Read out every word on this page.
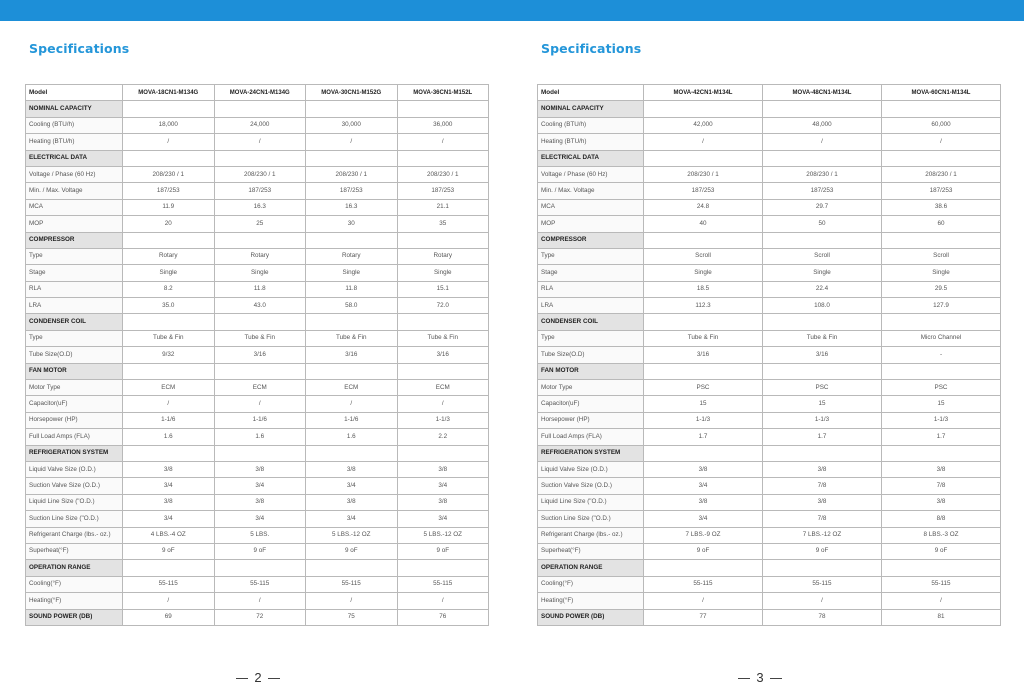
Specifications
Model	MOVA-18CN1-M134G	MOVA-24CN1-M134G	MOVA-30CN1-M152G	MOVA-36CN1-M152L
NOMINAL CAPACITY				
Cooling (BTU/h)	18,000	24,000	30,000	36,000
Heating (BTU/h)	/	/	/	/
ELECTRICAL DATA				
Voltage / Phase (60 Hz)	208/230 / 1	208/230 / 1	208/230 / 1	208/230 / 1
Min. / Max. Voltage	187/253	187/253	187/253	187/253
MCA	11.9	16.3	16.3	21.1
MOP	20	25	30	35
COMPRESSOR				
Type	Rotary	Rotary	Rotary	Rotary
Stage	Single	Single	Single	Single
RLA	8.2	11.8	11.8	15.1
LRA	35.0	43.0	58.0	72.0
CONDENSER COIL				
Type	Tube & Fin	Tube & Fin	Tube & Fin	Tube & Fin
Tube Size(O.D)	9/32	3/16	3/16	3/16
FAN MOTOR				
Motor Type	ECM	ECM	ECM	ECM
Capacitor(uF)	/	/	/	/
Horsepower (HP)	1-1/6	1-1/6	1-1/6	1-1/3
Full Load Amps (FLA)	1.6	1.6	1.6	2.2
REFRIGERATION SYSTEM				
Liquid Valve Size (O.D.)	3/8	3/8	3/8	3/8
Suction Valve Size (O.D.)	3/4	3/4	3/4	3/4
Liquid Line Size ("O.D.)	3/8	3/8	3/8	3/8
Suction Line Size ("O.D.)	3/4	3/4	3/4	3/4
Refrigerant Charge (lbs.- oz.)	4 LBS.-4 OZ	5 LBS.	5 LBS.-12 OZ	5 LBS.-12 OZ
Superheat(°F)	9 oF	9 oF	9 oF	9 oF
OPERATION RANGE				
Cooling(°F)	55-115	55-115	55-115	55-115
Heating(°F)	/	/	/	/
SOUND POWER (DB)	69	72	75	76
2
Specifications
Model	MOVA-42CN1-M134L	MOVA-48CN1-M134L	MOVA-60CN1-M134L
NOMINAL CAPACITY			
Cooling (BTU/h)	42,000	48,000	60,000
Heating (BTU/h)	/	/	/
ELECTRICAL DATA			
Voltage / Phase (60 Hz)	208/230 / 1	208/230 / 1	208/230 / 1
Min. / Max. Voltage	187/253	187/253	187/253
MCA	24.8	29.7	38.6
MOP	40	50	60
COMPRESSOR			
Type	Scroll	Scroll	Scroll
Stage	Single	Single	Single
RLA	18.5	22.4	29.5
LRA	112.3	108.0	127.9
CONDENSER COIL			
Type	Tube & Fin	Tube & Fin	Micro Channel
Tube Size(O.D)	3/16	3/16	-
FAN MOTOR			
Motor Type	PSC	PSC	PSC
Capacitor(uF)	15	15	15
Horsepower (HP)	1-1/3	1-1/3	1-1/3
Full Load Amps (FLA)	1.7	1.7	1.7
REFRIGERATION SYSTEM			
Liquid Valve Size (O.D.)	3/8	3/8	3/8
Suction Valve Size (O.D.)	3/4	7/8	7/8
Liquid Line Size ("O.D.)	3/8	3/8	3/8
Suction Line Size ("O.D.)	3/4	7/8	8/8
Refrigerant Charge (lbs.- oz.)	7 LBS.-9 OZ	7 LBS.-12 OZ	8 LBS.-3 OZ
Superheat(°F)	9 oF	9 oF	9 oF
OPERATION RANGE			
Cooling(°F)	55-115	55-115	55-115
Heating(°F)	/	/	/
SOUND POWER (DB)	77	78	81
3
